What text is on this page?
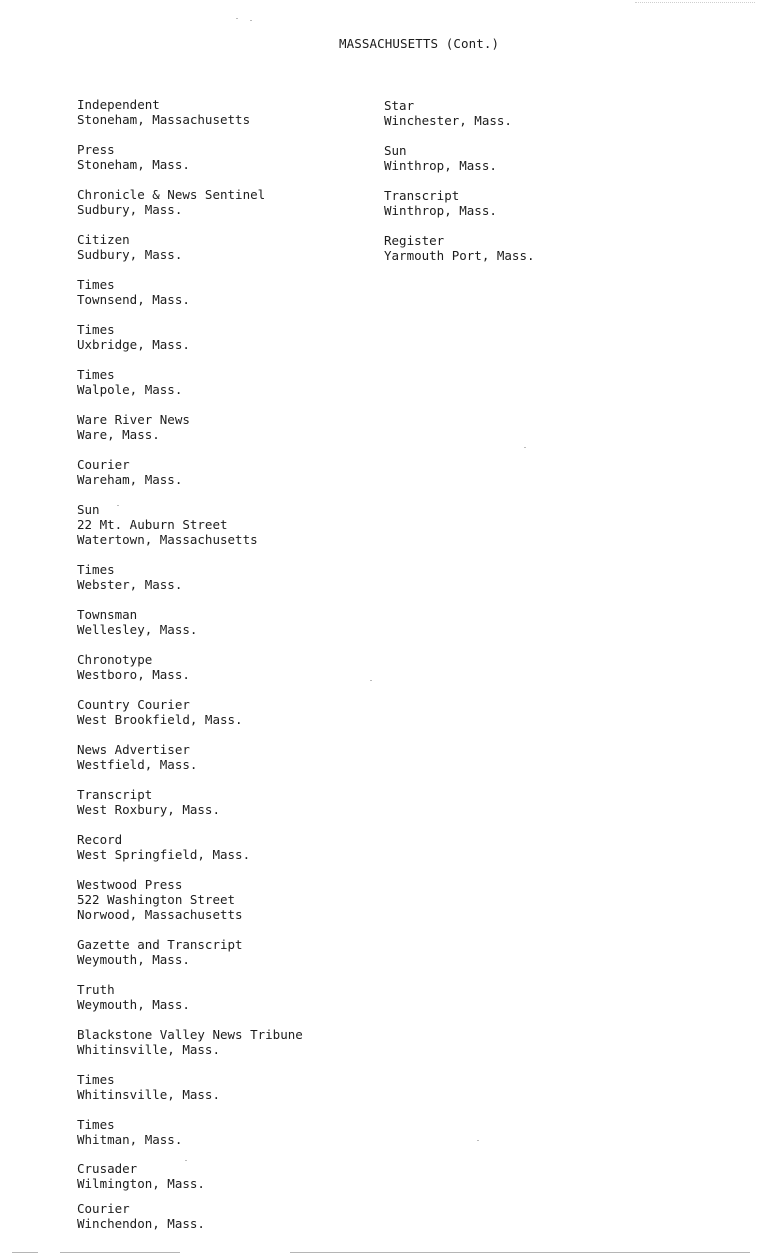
MASSACHUSETTS (Cont.)
Independent
Stoneham, Massachusetts
Press
Stoneham, Mass.
Chronicle & News Sentinel
Sudbury, Mass.
Citizen
Sudbury, Mass.
Times
Townsend, Mass.
Times
Uxbridge, Mass.
Times
Walpole, Mass.
Ware River News
Ware, Mass.
Courier
Wareham, Mass.
Sun
22 Mt. Auburn Street
Watertown, Massachusetts
Times
Webster, Mass.
Townsman
Wellesley, Mass.
Chronotype
Westboro, Mass.
Country Courier
West Brookfield, Mass.
News Advertiser
Westfield, Mass.
Transcript
West Roxbury, Mass.
Record
West Springfield, Mass.
Westwood Press
522 Washington Street
Norwood, Massachusetts
Gazette and Transcript
Weymouth, Mass.
Truth
Weymouth, Mass.
Blackstone Valley News Tribune
Whitinsville, Mass.
Times
Whitinsville, Mass.
Times
Whitman, Mass.
Crusader
Wilmington, Mass.
Courier
Winchendon, Mass.
Star
Winchester, Mass.
Sun
Winthrop, Mass.
Transcript
Winthrop, Mass.
Register
Yarmouth Port, Mass.
